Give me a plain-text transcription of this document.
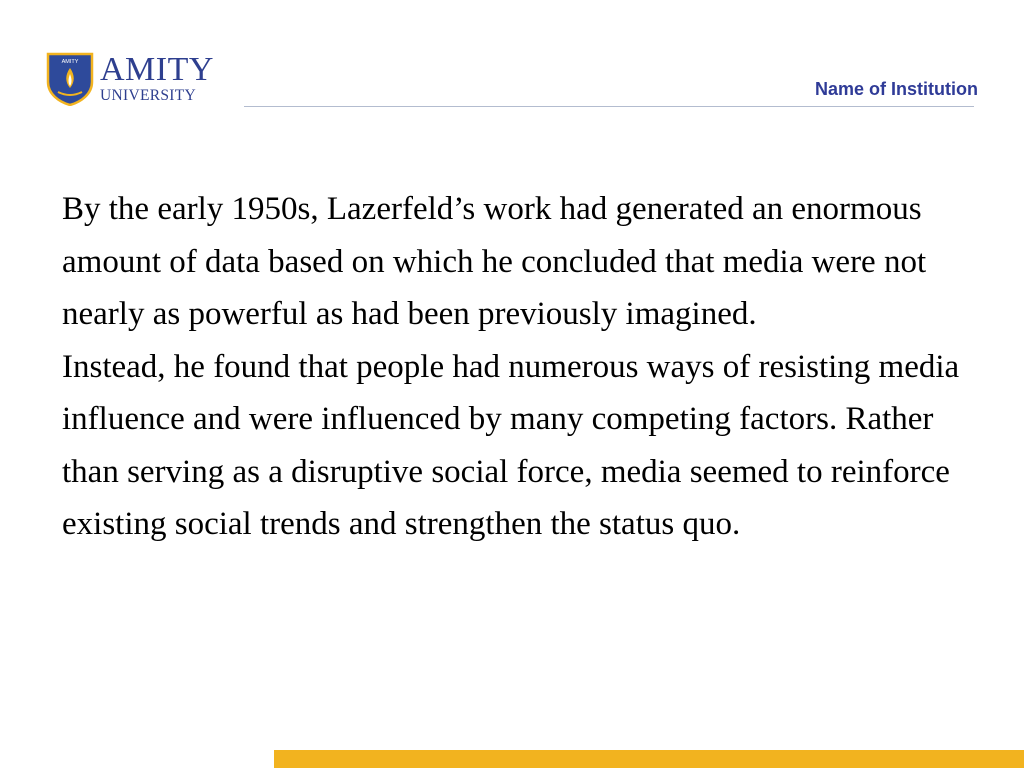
AMITY AMITY
UNIVERSITY	Name of Institution

By the early 1950s, Lazerfeld’s work had generated an enormous amount of data based on which he concluded that media were not nearly as powerful as had been previously imagined.

Instead, he found that people had numerous ways of resisting media influence and were influenced by many competing factors. Rather than serving as a disruptive social force, media seemed to reinforce existing social trends and strengthen the status quo.
